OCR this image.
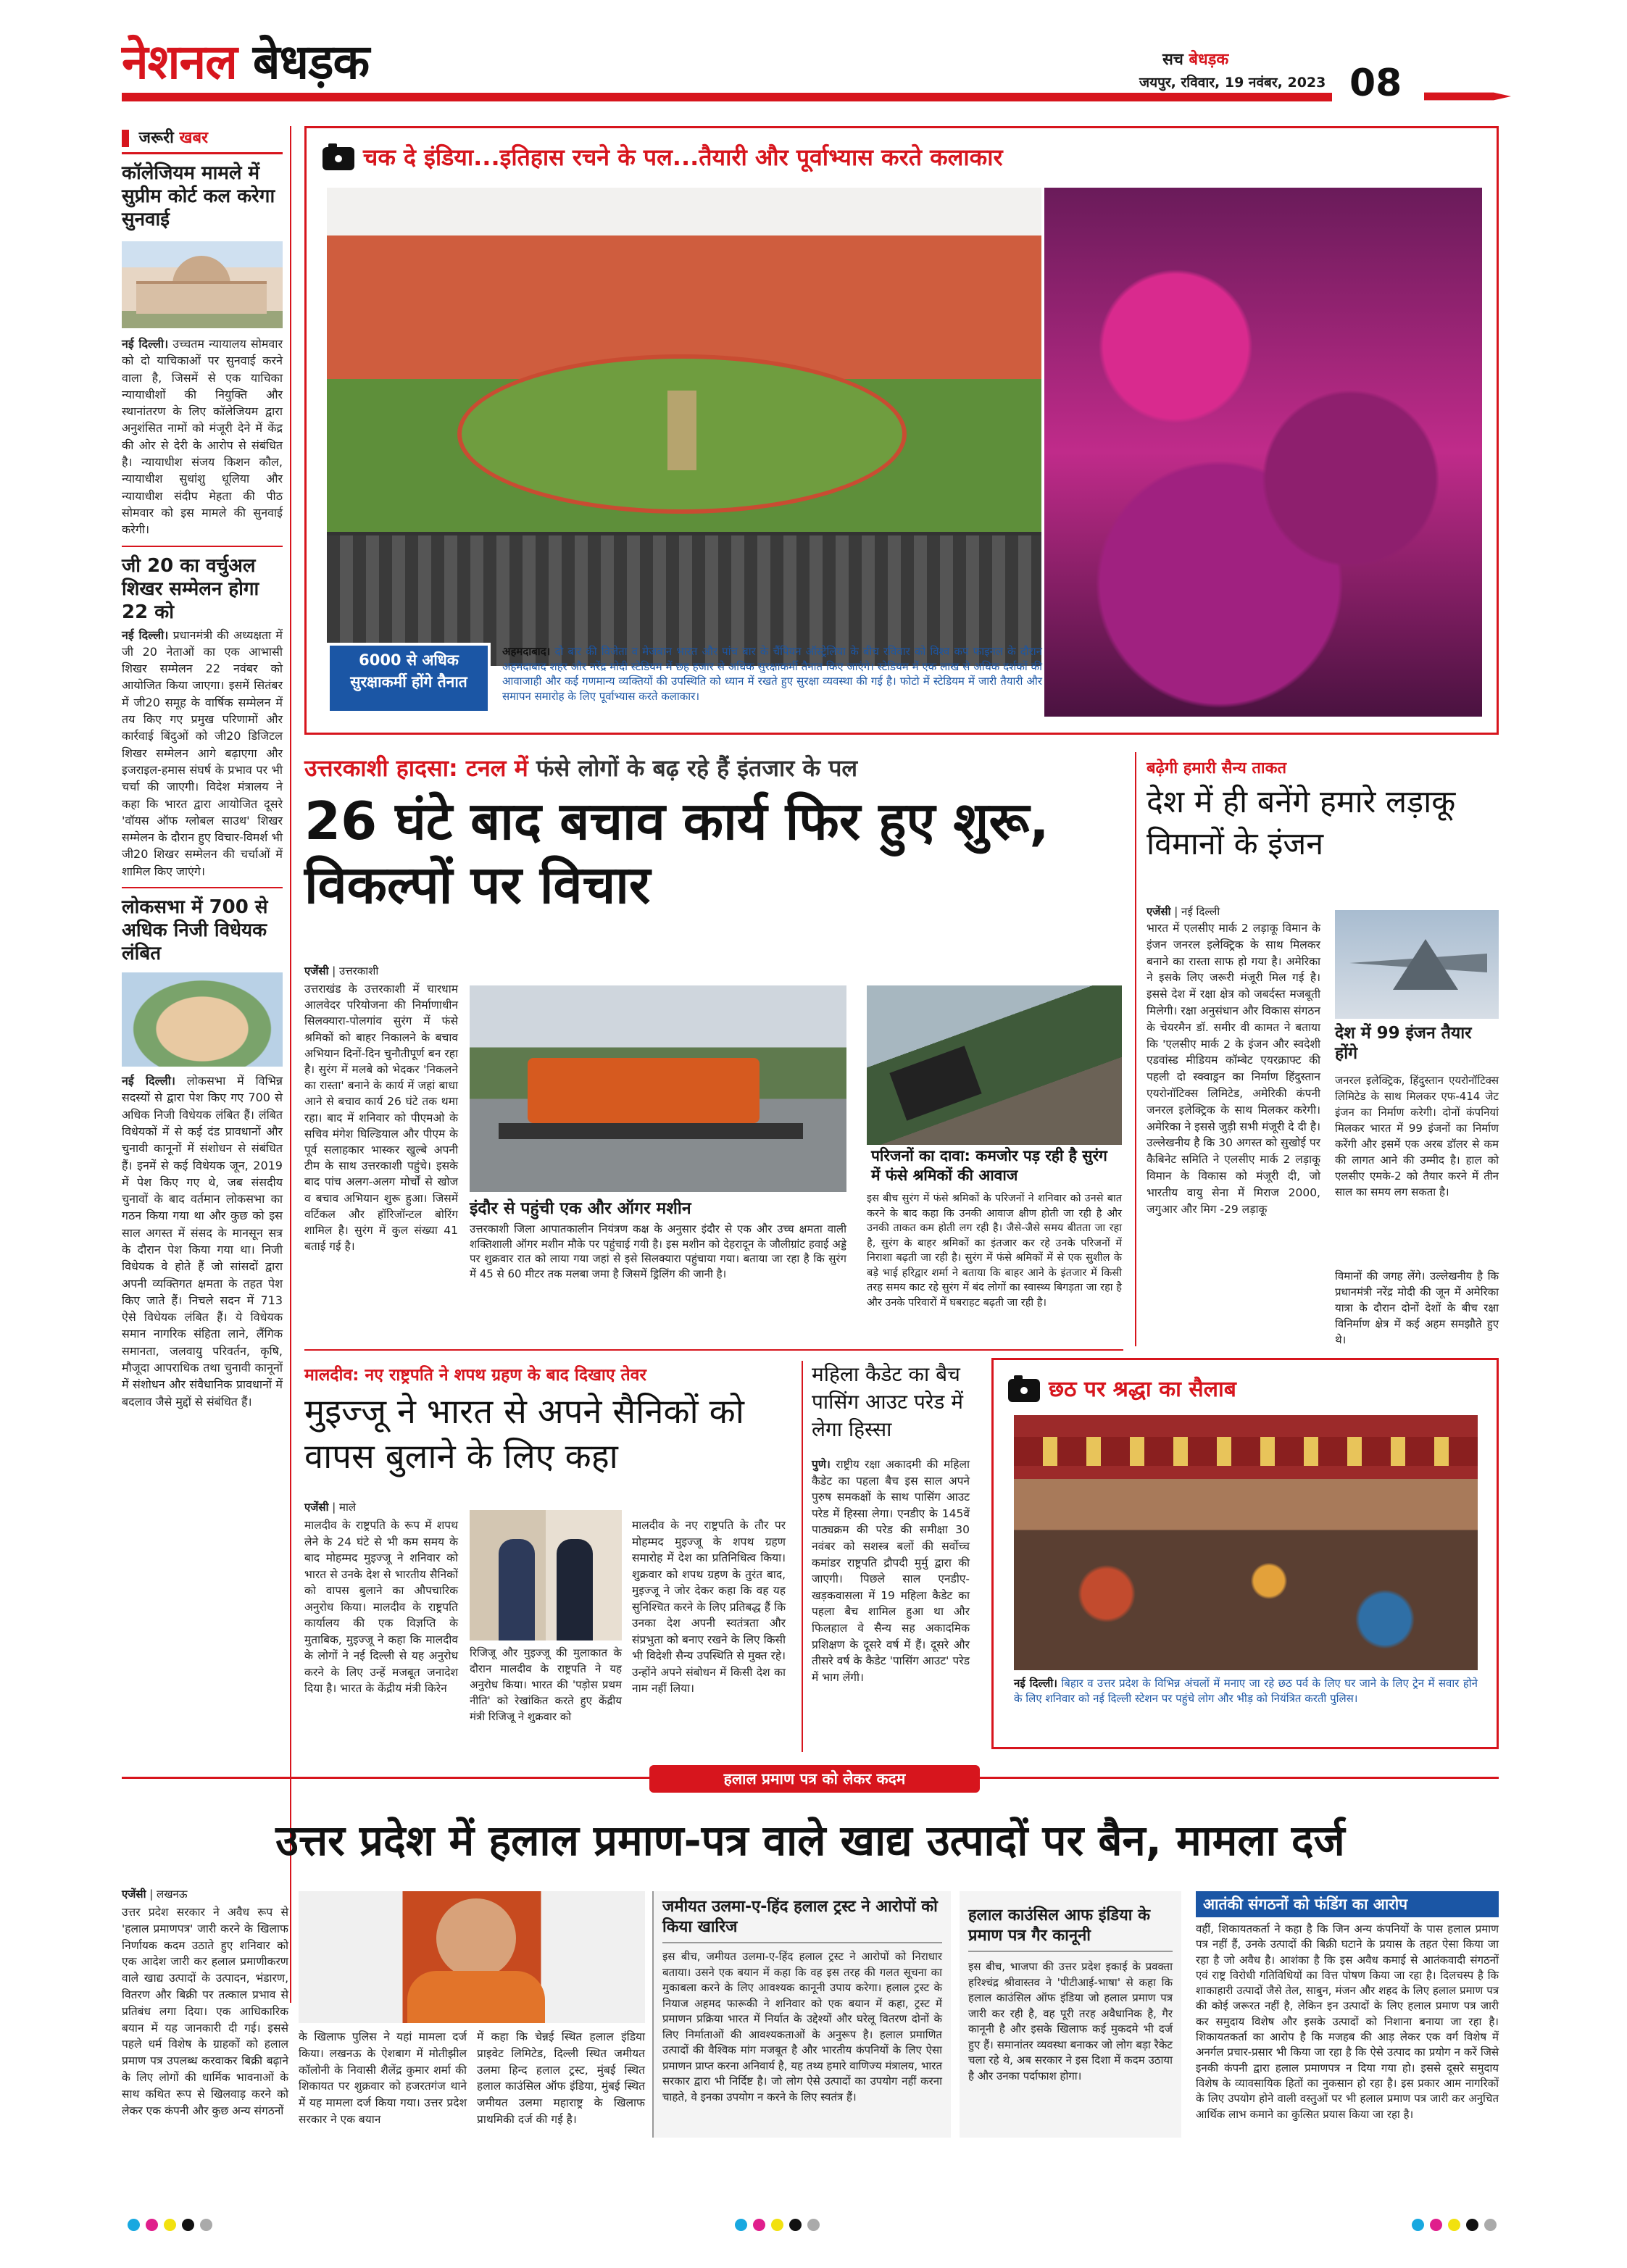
नेशनल बेधड़क	सच बेधड़क
जयपुर, रविवार, 19 नवंबर, 2023 08
जरूरी खबर
कॉलेजियम मामले में सुप्रीम कोर्ट कल करेगा सुनवाई
नई दिल्ली। उच्चतम न्यायालय सोमवार को दो याचिकाओं पर सुनवाई करने वाला है, जिसमें से एक याचिका न्यायाधीशों की नियुक्ति और स्थानांतरण के लिए कॉलेजियम द्वारा अनुशंसित नामों को मंजूरी देने में केंद्र की ओर से देरी के आरोप से संबंधित है। न्यायाधीश संजय किशन कौल, न्यायाधीश सुधांशु धूलिया और न्यायाधीश संदीप मेहता की पीठ सोमवार को इस मामले की सुनवाई करेगी।
जी 20 का वर्चुअल शिखर सम्मेलन होगा 22 को
नई दिल्ली। प्रधानमंत्री की अध्यक्षता में जी 20 नेताओं का एक आभासी शिखर सम्मेलन 22 नवंबर को आयोजित किया जाएगा। इसमें सितंबर में जी20 समूह के वार्षिक सम्मेलन में तय किए गए प्रमुख परिणामों और कार्रवाई बिंदुओं को जी20 डिजिटल शिखर सम्मेलन आगे बढ़ाएगा और इजराइल-हमास संघर्ष के प्रभाव पर भी चर्चा की जाएगी। विदेश मंत्रालय ने कहा कि भारत द्वारा आयोजित दूसरे 'वॉयस ऑफ ग्लोबल साउथ' शिखर सम्मेलन के दौरान हुए विचार-विमर्श भी जी20 शिखर सम्मेलन की चर्चाओं में शामिल किए जाएंगे।
लोकसभा में 700 से अधिक निजी विधेयक लंबित
नई दिल्ली। लोकसभा में विभिन्न सदस्यों से द्वारा पेश किए गए 700 से अधिक निजी विधेयक लंबित हैं। लंबित विधेयकों में से कई दंड प्रावधानों और चुनावी कानूनों में संशोधन से संबंधित हैं। इनमें से कई विधेयक जून, 2019 में पेश किए गए थे, जब संसदीय चुनावों के बाद वर्तमान लोकसभा का गठन किया गया था और कुछ को इस साल अगस्त में संसद के मानसून सत्र के दौरान पेश किया गया था। निजी विधेयक वे होते हैं जो सांसदों द्वारा अपनी व्यक्तिगत क्षमता के तहत पेश किए जाते हैं। निचले सदन में 713 ऐसे विधेयक लंबित हैं। ये विधेयक समान नागरिक संहिता लाने, लैंगिक समानता, जलवायु परिवर्तन, कृषि, मौजूदा आपराधिक तथा चुनावी कानूनों में संशोधन और संवैधानिक प्रावधानों में बदलाव जैसे मुद्दों से संबंधित हैं।
चक दे इंडिया...इतिहास रचने के पल...तैयारी और पूर्वाभ्यास करते कलाकार
6000 से अधिक सुरक्षाकर्मी होंगे तैनात
अहमदाबाद। दो बार की विजेता व मेजबान भारत और पांच बार के चैंपियन ऑस्ट्रेलिया के बीच रविवार को विश्व कप फाइनल के दौरान अहमदाबाद शहर और नरेंद्र मोदी स्टेडियम में छह हजार से अधिक सुरक्षाकर्मी तैनात किए जाएंगे। स्टेडियम में एक लाख से अधिक दर्शकों की आवाजाही और कई गणमान्य व्यक्तियों की उपस्थिति को ध्यान में रखते हुए सुरक्षा व्यवस्था की गई है। फोटो में स्टेडियम में जारी तैयारी और समापन समारोह के लिए पूर्वाभ्यास करते कलाकार।
उत्तरकाशी हादसा: टनल में फंसे लोगों के बढ़ रहे हैं इंतजार के पल
26 घंटे बाद बचाव कार्य फिर हुए शुरू, विकल्पों पर विचार
एजेंसी | उत्तरकाशी
उत्तराखंड के उत्तरकाशी में चारधाम आलवेदर परियोजना की निर्माणाधीन सिलक्यारा-पोलगांव सुरंग में फंसे श्रमिकों को बाहर निकालने के बचाव अभियान दिनों-दिन चुनौतीपूर्ण बन रहा है। सुरंग में मलबे को भेदकर 'निकलने का रास्ता' बनाने के कार्य में जहां बाधा आने से बचाव कार्य 26 घंटे तक थमा रहा। बाद में शनिवार को पीएमओ के सचिव मंगेश घिल्डियाल और पीएम के पूर्व सलाहकार भास्कर खुल्बे अपनी टीम के साथ उत्तरकाशी पहुंचे। इसके बाद पांच अलग-अलग मोर्चों से खोज व बचाव अभियान शुरू हुआ। जिसमें वर्टिकल और हॉरिजॉन्टल बोरिंग शामिल है। सुरंग में कुल संख्या 41 बताई गई है।
इंदौर से पहुंची एक और ऑगर मशीन
उत्तरकाशी जिला आपातकालीन नियंत्रण कक्ष के अनुसार इंदौर से एक और उच्च क्षमता वाली शक्तिशाली ऑगर मशीन मौके पर पहुंचाई गयी है। इस मशीन को देहरादून के जौलीग्रांट हवाई अड्डे पर शुक्रवार रात को लाया गया जहां से इसे सिलक्यारा पहुंचाया गया। बताया जा रहा है कि सुरंग में 45 से 60 मीटर तक मलबा जमा है जिसमें ड्रिलिंग की जानी है।
परिजनों का दावा: कमजोर पड़ रही है सुरंग में फंसे श्रमिकों की आवाज
इस बीच सुरंग में फंसे श्रमिकों के परिजनों ने शनिवार को उनसे बात करने के बाद कहा कि उनकी आवाज क्षीण होती जा रही है और उनकी ताकत कम होती लग रही है। जैसे-जैसे समय बीतता जा रहा है, सुरंग के बाहर श्रमिकों का इंतजार कर रहे उनके परिजनों में निराशा बढ़ती जा रही है। सुरंग में फंसे श्रमिकों में से एक सुशील के बड़े भाई हरिद्वार शर्मा ने बताया कि बाहर आने के इंतजार में किसी तरह समय काट रहे सुरंग में बंद लोगों का स्वास्थ्य बिगड़ता जा रहा है और उनके परिवारों में घबराहट बढ़ती जा रही है।
बढ़ेगी हमारी सैन्य ताकत
देश में ही बनेंगे हमारे लड़ाकू विमानों के इंजन
एजेंसी | नई दिल्ली
भारत में एलसीए मार्क 2 लड़ाकू विमान के इंजन जनरल इलेक्ट्रिक के साथ मिलकर बनाने का रास्ता साफ हो गया है। अमेरिका ने इसके लिए जरूरी मंजूरी मिल गई है। इससे देश में रक्षा क्षेत्र को जबर्दस्त मजबूती मिलेगी। रक्षा अनुसंधान और विकास संगठन के चेयरमैन डॉ. समीर वी कामत ने बताया कि 'एलसीए मार्क 2 के इंजन और स्वदेशी एडवांस्ड मीडियम कॉम्बेट एयरक्राफ्ट की पहली दो स्क्वाड्रन का निर्माण हिंदुस्तान एयरोनॉटिक्स लिमिटेड, अमेरिकी कंपनी जनरल इलेक्ट्रिक के साथ मिलकर करेगी। अमेरिका ने इससे जुड़ी सभी मंजूरी दे दी है। उल्लेखनीय है कि 30 अगस्त को सुखोई पर कैबिनेट समिति ने एलसीए मार्क 2 लड़ाकू विमान के विकास को मंजूरी दी, जो भारतीय वायु सेना में मिराज 2000, जगुआर और मिग -29 लड़ाकू
देश में 99 इंजन तैयार होंगे
जनरल इलेक्ट्रिक, हिंदुस्तान एयरोनॉटिक्स लिमिटेड के साथ मिलकर एफ-414 जेट इंजन का निर्माण करेगी। दोनों कंपनियां मिलकर भारत में 99 इंजनों का निर्माण करेंगी और इसमें एक अरब डॉलर से कम की लागत आने की उम्मीद है। हाल को एलसीए एमके-2 को तैयार करने में तीन साल का समय लग सकता है।
विमानों की जगह लेंगे। उल्लेखनीय है कि प्रधानमंत्री नरेंद्र मोदी की जून में अमेरिका यात्रा के दौरान दोनों देशों के बीच रक्षा विनिर्माण क्षेत्र में कई अहम समझौते हुए थे।
मालदीव: नए राष्ट्रपति ने शपथ ग्रहण के बाद दिखाए तेवर
मुइज्जू ने भारत से अपने सैनिकों को वापस बुलाने के लिए कहा
एजेंसी | माले
मालदीव के राष्ट्रपति के रूप में शपथ लेने के 24 घंटे से भी कम समय के बाद मोहम्मद मुइज्जू ने शनिवार को भारत से उनके देश से भारतीय सैनिकों को वापस बुलाने का औपचारिक अनुरोध किया। मालदीव के राष्ट्रपति कार्यालय की एक विज्ञप्ति के मुताबिक, मुइज्जू ने कहा कि मालदीव के लोगों ने नई दिल्ली से यह अनुरोध करने के लिए उन्हें मजबूत जनादेश दिया है। भारत के केंद्रीय मंत्री किरेन
रिजिजू और मुइज्जू की मुलाकात के दौरान मालदीव के राष्ट्रपति ने यह अनुरोध किया। भारत की 'पड़ोस प्रथम नीति' को रेखांकित करते हुए केंद्रीय मंत्री रिजिजू ने शुक्रवार को
मालदीव के नए राष्ट्रपति के तौर पर मोहम्मद मुइज्जू के शपथ ग्रहण समारोह में देश का प्रतिनिधित्व किया। शुक्रवार को शपथ ग्रहण के तुरंत बाद, मुइज्जू ने जोर देकर कहा कि वह यह सुनिश्चित करने के लिए प्रतिबद्ध हैं कि उनका देश अपनी स्वतंत्रता और संप्रभुता को बनाए रखने के लिए किसी भी विदेशी सैन्य उपस्थिति से मुक्त रहे। उन्होंने अपने संबोधन में किसी देश का नाम नहीं लिया।
महिला कैडेट का बैच पासिंग आउट परेड में लेगा हिस्सा
पुणे। राष्ट्रीय रक्षा अकादमी की महिला कैडेट का पहला बैच इस साल अपने पुरुष समकक्षों के साथ पासिंग आउट परेड में हिस्सा लेगा। एनडीए के 145वें पाठ्यक्रम की परेड की समीक्षा 30 नवंबर को सशस्त्र बलों की सर्वोच्च कमांडर राष्ट्रपति द्रौपदी मुर्मु द्वारा की जाएगी। पिछले साल एनडीए-खड़कवासला में 19 महिला कैडेट का पहला बैच शामिल हुआ था और फिलहाल वे सैन्य सह अकादमिक प्रशिक्षण के दूसरे वर्ष में हैं। दूसरे और तीसरे वर्ष के कैडेट 'पासिंग आउट' परेड में भाग लेंगी।
छठ पर श्रद्धा का सैलाब
नई दिल्ली। बिहार व उत्तर प्रदेश के विभिन्न अंचलों में मनाए जा रहे छठ पर्व के लिए घर जाने के लिए ट्रेन में सवार होने के लिए शनिवार को नई दिल्ली स्टेशन पर पहुंचे लोग और भीड़ को नियंत्रित करती पुलिस।
हलाल प्रमाण पत्र को लेकर कदम
उत्तर प्रदेश में हलाल प्रमाण-पत्र वाले खाद्य उत्पादों पर बैन, मामला दर्ज
एजेंसी | लखनऊ
उत्तर प्रदेश सरकार ने अवैध रूप से 'हलाल प्रमाणपत्र' जारी करने के खिलाफ निर्णायक कदम उठाते हुए शनिवार को एक आदेश जारी कर हलाल प्रमाणीकरण वाले खाद्य उत्पादों के उत्पादन, भंडारण, वितरण और बिक्री पर तत्काल प्रभाव से प्रतिबंध लगा दिया। एक आधिकारिक बयान में यह जानकारी दी गई। इससे पहले धर्म विशेष के ग्राहकों को हलाल प्रमाण पत्र उपलब्ध करवाकर बिक्री बढ़ाने के लिए लोगों की धार्मिक भावनाओं के साथ कथित रूप से खिलवाड़ करने को लेकर एक कंपनी और कुछ अन्य संगठनों
के खिलाफ पुलिस ने यहां मामला दर्ज किया। लखनऊ के ऐशबाग में मोतीझील कॉलोनी के निवासी शैलेंद्र कुमार शर्मा की शिकायत पर शुक्रवार को हजरतगंज थाने में यह मामला दर्ज किया गया। उत्तर प्रदेश सरकार ने एक बयान
में कहा कि चेन्नई स्थित हलाल इंडिया प्राइवेट लिमिटेड, दिल्ली स्थित जमीयत उलमा हिन्द हलाल ट्रस्ट, मुंबई स्थित हलाल काउंसिल ऑफ इंडिया, मुंबई स्थित जमीयत उलमा महाराष्ट्र के खिलाफ प्राथमिकी दर्ज की गई है।
जमीयत उलमा-ए-हिंद हलाल ट्रस्ट ने आरोपों को किया खारिज
इस बीच, जमीयत उलमा-ए-हिंद हलाल ट्रस्ट ने आरोपों को निराधार बताया। उसने एक बयान में कहा कि वह इस तरह की गलत सूचना का मुकाबला करने के लिए आवश्यक कानूनी उपाय करेगा। हलाल ट्रस्ट के नियाज अहमद फारूकी ने शनिवार को एक बयान में कहा, ट्रस्ट में प्रमाणन प्रक्रिया भारत में निर्यात के उद्देश्यों और घरेलू वितरण दोनों के लिए निर्माताओं की आवश्यकताओं के अनुरूप है। हलाल प्रमाणित उत्पादों की वैश्विक मांग मजबूत है और भारतीय कंपनियों के लिए ऐसा प्रमाणन प्राप्त करना अनिवार्य है, यह तथ्य हमारे वाणिज्य मंत्रालय, भारत सरकार द्वारा भी निर्दिष्ट है। जो लोग ऐसे उत्पादों का उपयोग नहीं करना चाहते, वे इनका उपयोग न करने के लिए स्वतंत्र हैं।
हलाल काउंसिल आफ इंडिया के प्रमाण पत्र गैर कानूनी
इस बीच, भाजपा की उत्तर प्रदेश इकाई के प्रवक्ता हरिश्चंद्र श्रीवास्तव ने 'पीटीआई-भाषा' से कहा कि हलाल काउंसिल ऑफ इंडिया जो हलाल प्रमाण पत्र जारी कर रही है, वह पूरी तरह अवैधानिक है, गैर कानूनी है और इसके खिलाफ कई मुकदमे भी दर्ज हुए हैं। समानांतर व्यवस्था बनाकर जो लोग बड़ा रैकेट चला रहे थे, अब सरकार ने इस दिशा में कदम उठाया है और उनका पर्दाफाश होगा।
आतंकी संगठनों को फंडिंग का आरोप
वहीं, शिकायतकर्ता ने कहा है कि जिन अन्य कंपनियों के पास हलाल प्रमाण पत्र नहीं हैं, उनके उत्पादों की बिक्री घटाने के प्रयास के तहत ऐसा किया जा रहा है जो अवैध है। आशंका है कि इस अवैध कमाई से आतंकवादी संगठनों एवं राष्ट्र विरोधी गतिविधियों का वित्त पोषण किया जा रहा है। दिलचस्प है कि शाकाहारी उत्पादों जैसे तेल, साबुन, मंजन और शहद के लिए हलाल प्रमाण पत्र की कोई जरूरत नहीं है, लेकिन इन उत्पादों के लिए हलाल प्रमाण पत्र जारी कर समुदाय विशेष और इसके उत्पादों को निशाना बनाया जा रहा है। शिकायतकर्ता का आरोप है कि मजहब की आड़ लेकर एक वर्ग विशेष में अनर्गल प्रचार-प्रसार भी किया जा रहा है कि ऐसे उत्पाद का प्रयोग न करें जिसे इनकी कंपनी द्वारा हलाल प्रमाणपत्र न दिया गया हो। इससे दूसरे समुदाय विशेष के व्यावसायिक हितों का नुकसान हो रहा है। इस प्रकार आम नागरिकों के लिए उपयोग होने वाली वस्तुओं पर भी हलाल प्रमाण पत्र जारी कर अनुचित आर्थिक लाभ कमाने का कुत्सित प्रयास किया जा रहा है।
